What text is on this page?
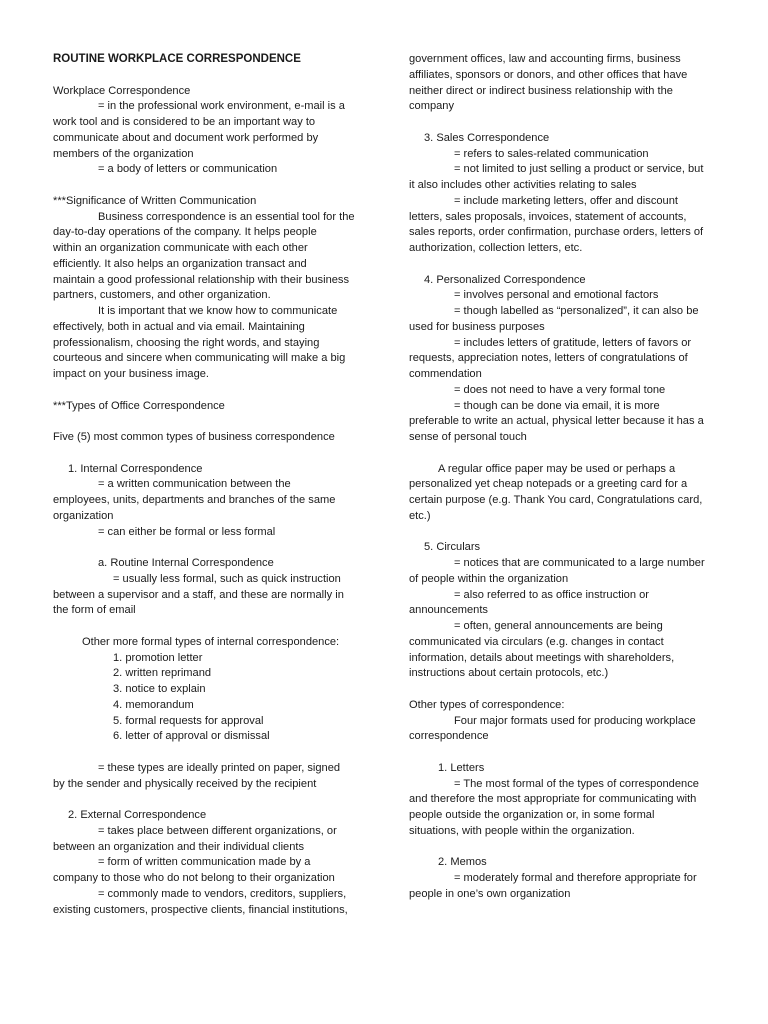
ROUTINE WORKPLACE CORRESPONDENCE
Workplace Correspondence
= in the professional work environment, e-mail is a
work tool and is considered to be an important way to
communicate about and document work performed by
members of the organization
= a body of letters or communication
***Significance of Written Communication
Business correspondence is an essential tool for the
day-to-day operations of the company. It helps people
within an organization communicate with each other
efficiently. It also helps an organization transact and
maintain a good professional relationship with their business
partners, customers, and other organization.
It is important that we know how to communicate
effectively, both in actual and via email. Maintaining
professionalism, choosing the right words, and staying
courteous and sincere when communicating will make a big
impact on your business image.
***Types of Office Correspondence
Five (5) most common types of business correspondence
1. Internal Correspondence
= a written communication between the
employees, units, departments and branches of the same
organization
= can either be formal or less formal
a. Routine Internal Correspondence
= usually less formal, such as quick instruction
between a supervisor and a staff, and these are normally in
the form of email
Other more formal types of internal correspondence:
1. promotion letter
2. written reprimand
3. notice to explain
4. memorandum
5. formal requests for approval
6. letter of approval or dismissal
= these types are ideally printed on paper, signed
by the sender and physically received by the recipient
2. External Correspondence
= takes place between different organizations, or
between an organization and their individual clients
= form of written communication made by a
company to those who do not belong to their organization
= commonly made to vendors, creditors, suppliers,
existing customers, prospective clients, financial institutions,
government offices, law and accounting firms, business
affiliates, sponsors or donors, and other offices that have
neither direct or indirect business relationship with the
company
3. Sales Correspondence
= refers to sales-related communication
= not limited to just selling a product or service, but
it also includes other activities relating to sales
= include marketing letters, offer and discount
letters, sales proposals, invoices, statement of accounts,
sales reports, order confirmation, purchase orders, letters of
authorization, collection letters, etc.
4. Personalized Correspondence
= involves personal and emotional factors
= though labelled as “personalized”, it can also be
used for business purposes
= includes letters of gratitude, letters of favors or
requests, appreciation notes, letters of congratulations of
commendation
= does not need to have a very formal tone
= though can be done via email, it is more
preferable to write an actual, physical letter because it has a
sense of personal touch
A regular office paper may be used or perhaps a
personalized yet cheap notepads or a greeting card for a
certain purpose (e.g. Thank You card, Congratulations card,
etc.)
5. Circulars
= notices that are communicated to a large number
of people within the organization
= also referred to as office instruction or
announcements
= often, general announcements are being
communicated via circulars (e.g. changes in contact
information, details about meetings with shareholders,
instructions about certain protocols, etc.)
Other types of correspondence:
Four major formats used for producing workplace
correspondence
1. Letters
= The most formal of the types of correspondence
and therefore the most appropriate for communicating with
people outside the organization or, in some formal
situations, with people within the organization.
2. Memos
= moderately formal and therefore appropriate for
people in one’s own organization
